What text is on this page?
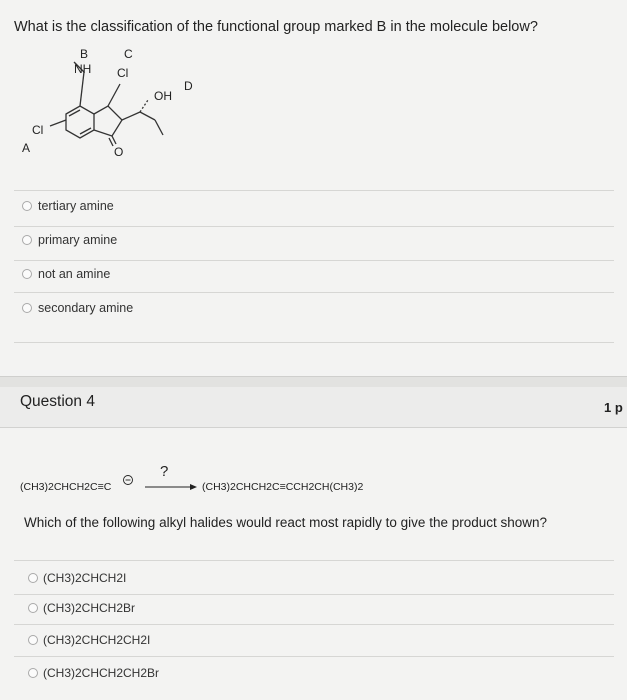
What is the classification of the functional group marked B in the molecule below?
A
B	C
D
NH Cl
Cl
OH
O
tertiary amine
primary amine
not an amine
secondary amine
Question 4	1 p
(CH3)2CHCH2C≡C
?
(CH3)2CHCH2C≡CCH2CH(CH3)2
Which of the following alkyl halides would react most rapidly to give the product shown?
(CH3)2CHCH2I
(CH3)2CHCH2Br
(CH3)2CHCH2CH2I
(CH3)2CHCH2CH2Br
